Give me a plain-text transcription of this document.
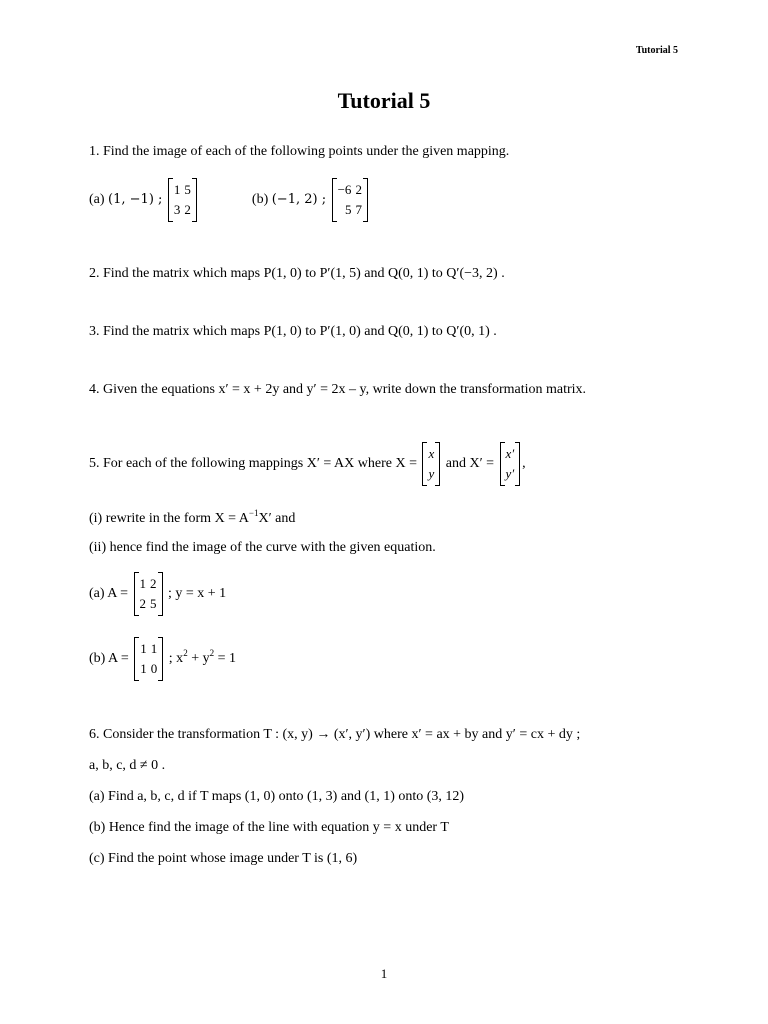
Tutorial 5
Tutorial 5
1. Find the image of each of the following points under the given mapping.
(a) (1, −1) ;
1
3
5
2
(b) (−1, 2) ;
−6
5
2
7
2. Find the matrix which maps P(1, 0) to P′(1, 5) and Q(0, 1) to Q′(−3, 2) .
3. Find the matrix which maps P(1, 0) to P′(1, 0) and Q(0, 1) to Q′(0, 1) .
4. Given the equations x′ = x + 2y and y′ = 2x – y, write down the transformation matrix.
5. For each of the following mappings X′ = AX where X =
x
y
and X′ =
x′
y′
,
(i) rewrite in the form $X = A^{-1}X'$ and
(ii) hence find the image of the curve with the given equation.
(a) A =
1
2
2
5
; y = x + 1
(b) A =
1
1
1
0
; $x^2 + y^2 = 1$
6. Consider the transformation T : (x, y) → (x′, y′) where x′ = ax + by and y′ = cx + dy ;
a, b, c, d ≠ 0 .
(a) Find a, b, c, d if T maps (1, 0) onto (1, 3) and (1, 1) onto (3, 12)
(b) Hence find the image of the line with equation y = x under T
(c) Find the point whose image under T is (1, 6)
1
